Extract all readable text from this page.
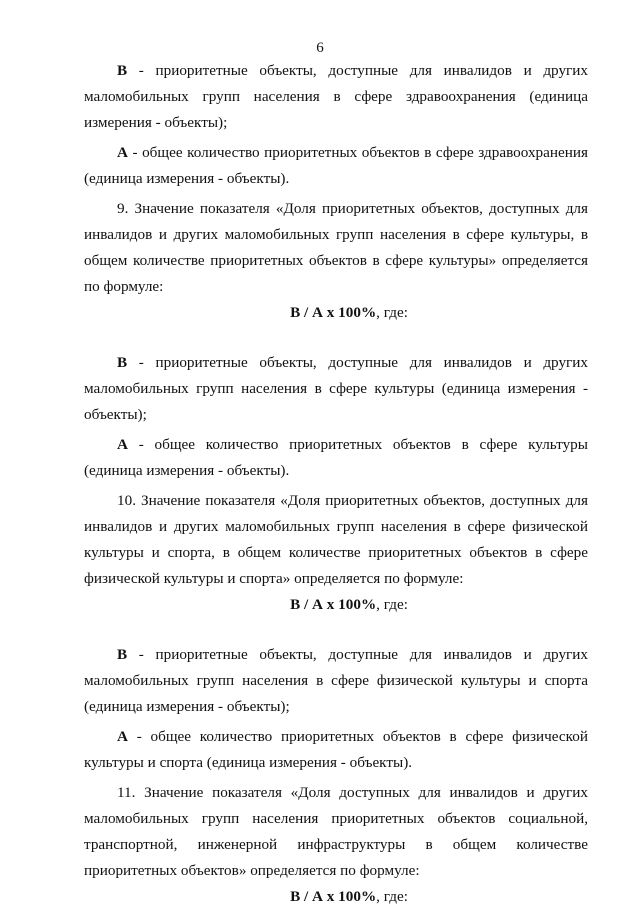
6

В - приоритетные объекты, доступные для инвалидов и других маломобильных групп населения в сфере здравоохранения (единица измерения - объекты);

А - общее количество приоритетных объектов в сфере здравоохранения (единица измерения - объекты).

9. Значение показателя «Доля приоритетных объектов, доступных для инвалидов и других маломобильных групп населения в сфере культуры, в общем количестве приоритетных объектов в сфере культуры» определяется по формуле:

В / А x 100%, где:

В - приоритетные объекты, доступные для инвалидов и других маломобильных групп населения в сфере культуры (единица измерения - объекты);

А - общее количество приоритетных объектов в сфере культуры (единица измерения - объекты).

10. Значение показателя «Доля приоритетных объектов, доступных для инвалидов и других маломобильных групп населения в сфере физической культуры и спорта, в общем количестве приоритетных объектов в сфере физической культуры и спорта» определяется по формуле:

В / А x 100%, где:

В - приоритетные объекты, доступные для инвалидов и других маломобильных групп населения в сфере физической культуры и спорта (единица измерения - объекты);

А - общее количество приоритетных объектов в сфере физической культуры и спорта (единица измерения - объекты).

11. Значение показателя «Доля доступных для инвалидов и других маломобильных групп населения приоритетных объектов социальной, транспортной, инженерной инфраструктуры в общем количестве приоритетных объектов» определяется по формуле:

В / А x 100%, где:
